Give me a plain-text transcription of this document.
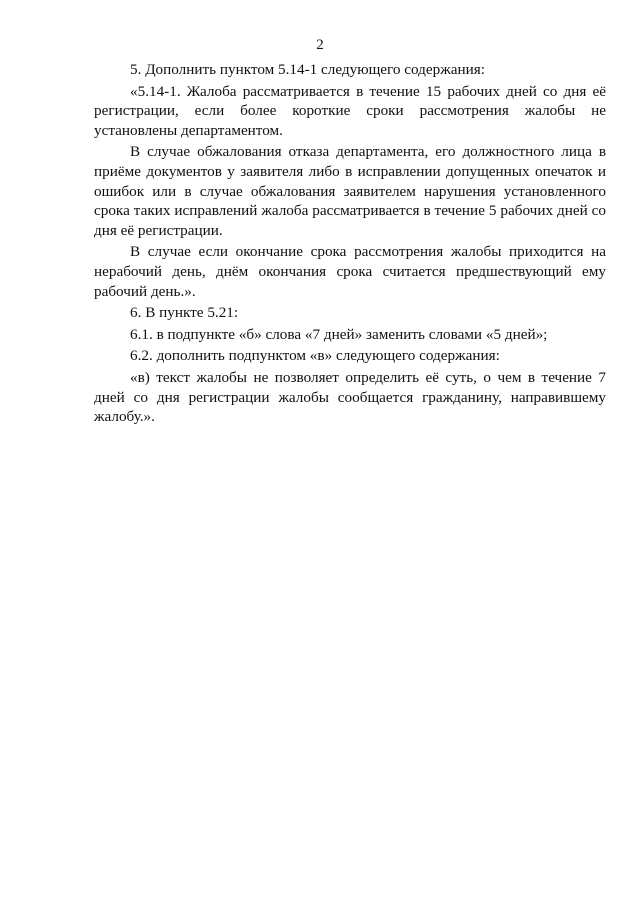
2

5. Дополнить пунктом 5.14-1 следующего содержания:

«5.14-1. Жалоба рассматривается в течение 15 рабочих дней со дня её регистрации, если более короткие сроки рассмотрения жалобы не установлены департаментом.

В случае обжалования отказа департамента, его должностного лица в приёме документов у заявителя либо в исправлении допущенных опечаток и ошибок или в случае обжалования заявителем нарушения установленного срока таких исправлений жалоба рассматривается в течение 5 рабочих дней со дня её регистрации.

В случае если окончание срока рассмотрения жалобы приходится на нерабочий день, днём окончания срока считается предшествующий ему рабочий день.».

6. В пункте 5.21:

6.1. в подпункте «б» слова «7 дней» заменить словами «5 дней»;

6.2. дополнить подпунктом «в» следующего содержания:

«в) текст жалобы не позволяет определить её суть, о чем в течение 7 дней со дня регистрации жалобы сообщается гражданину, направившему жалобу.».
